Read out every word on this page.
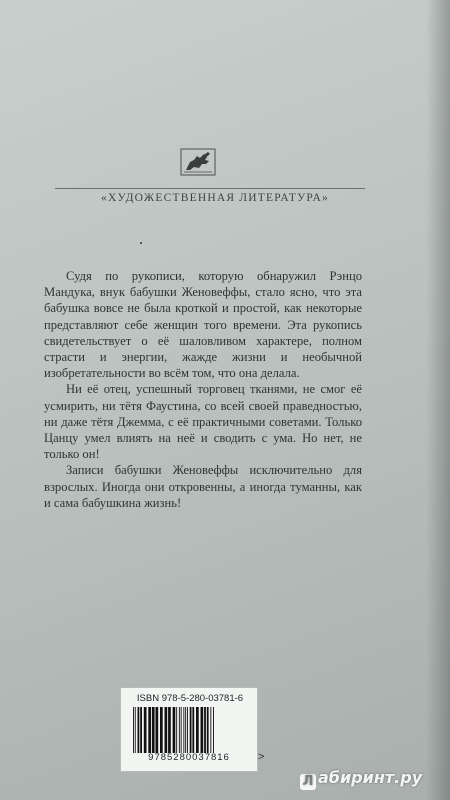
«ХУДОЖЕСТВЕННАЯ ЛИТЕРАТУРА»

Судя по рукописи, которую обнаружил Рэнцо Мандука, внук бабушки Женовеффы, стало ясно, что эта бабушка вовсе не была кроткой и простой, как некоторые представляют себе женщин того времени. Эта рукопись свидетельствует о её шаловливом характере, полном страсти и энергии, жажде жизни и необычной изобретательности во всём том, что она делала.

Ни её отец, успешный торговец тканями, не смог её усмирить, ни тётя Фаустина, со всей своей праведностью, ни даже тётя Джемма, с её практичными советами. Только Цанцу умел влиять на неё и сводить с ума. Но нет, не только он!

Записи бабушки Женовеффы исключительно для взрослых. Иногда они откровенны, а иногда туманны, как и сама бабушкина жизнь!

ISBN 978-5-280-03781-6
9785280037816	>
Л абиринт.ру
